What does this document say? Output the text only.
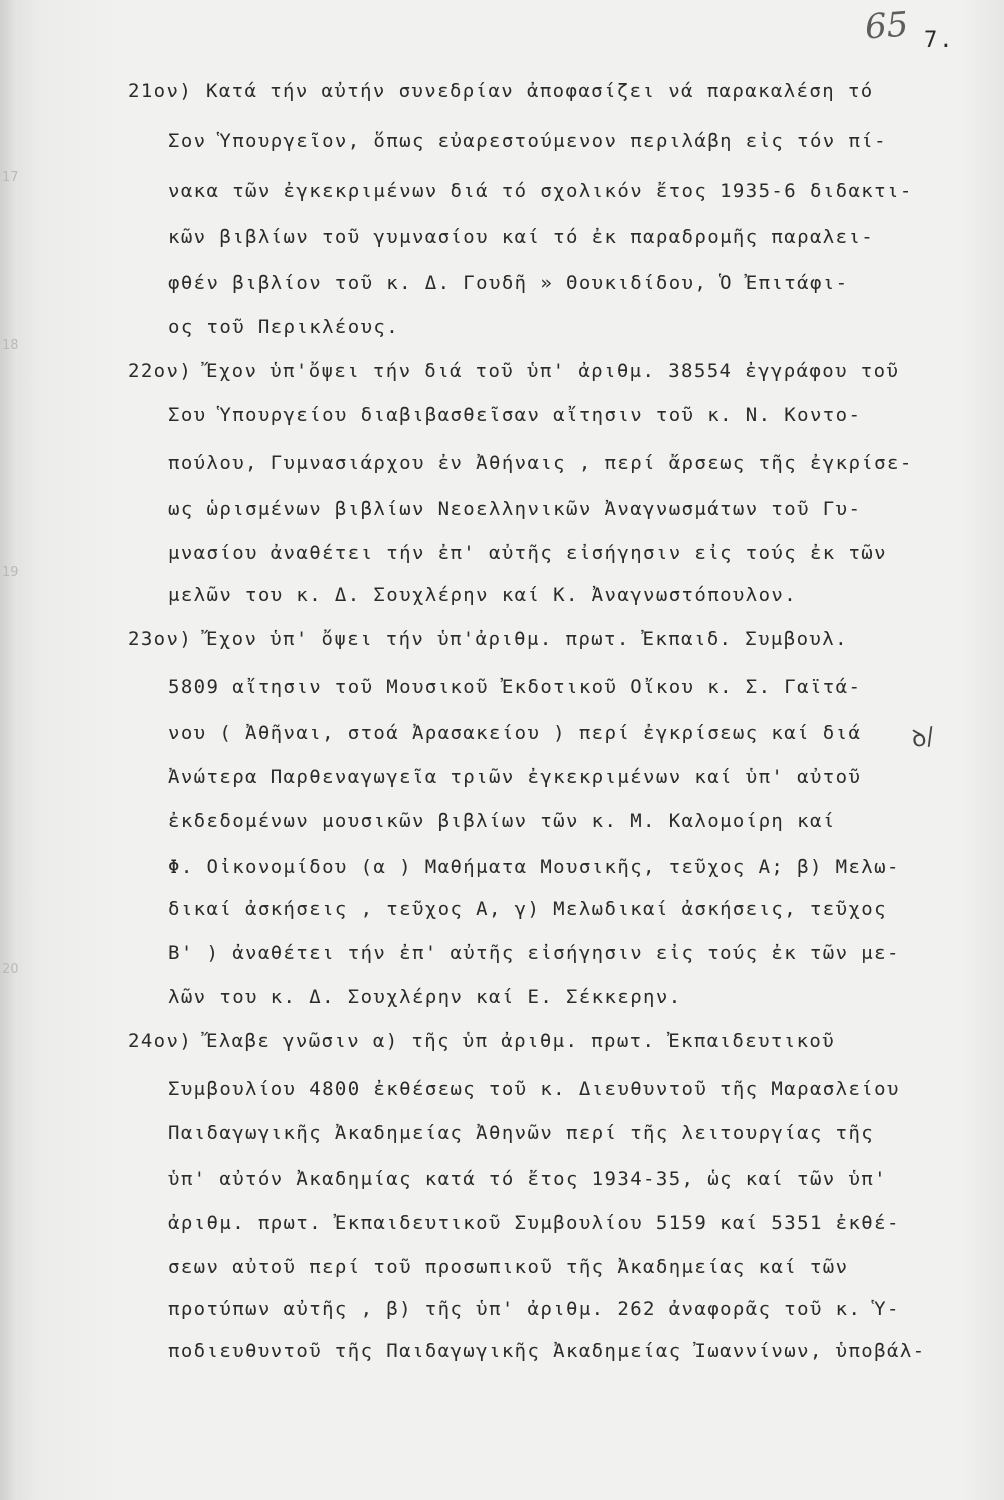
17
18
19
20
65 7.
21ον) Κατά τήν αὐτήν συνεδρίαν ἀποφασίζει νά παρακαλέση τό
Σον Ὑπουργεῖον, ὅπως εὐαρεστούμενον περιλάβη εἰς τόν πί-
νακα τῶν ἐγκεκριμένων διά τό σχολικόν ἔτος 1935-6 διδακτι-
κῶν βιβλίων τοῦ γυμνασίου καί τό ἐκ παραδρομῆς παραλει-
φθέν βιβλίον τοῦ κ. Δ. Γουδῆ » Θουκιδίδου, Ὁ Ἐπιτάφι-
ος τοῦ Περικλέους.
22ον) Ἔχον ὑπ'ὄψει τήν διά τοῦ ὑπ' ἀριθμ. 38554 ἐγγράφου τοῦ
Σου Ὑπουργείου διαβιβασθεῖσαν αἴτησιν τοῦ κ. Ν. Κοντο-
πούλου, Γυμνασιάρχου ἐν Ἀθήναις , περί ἄρσεως τῆς ἐγκρίσε-
ως ὡρισμένων βιβλίων Νεοελληνικῶν Ἀναγνωσμάτων τοῦ Γυ-
μνασίου ἀναθέτει τήν ἐπ' αὐτῆς εἰσήγησιν εἰς τούς ἐκ τῶν
μελῶν του κ. Δ. Σουχλέρην καί Κ. Ἀναγνωστόπουλον.
23ον) Ἔχον ὑπ' ὄψει τήν ὑπ'ἀριθμ. πρωτ. Ἐκπαιδ. Συμβουλ.
5809 αἴτησιν τοῦ Μουσικοῦ Ἐκδοτικοῦ Οἴκου κ. Σ. Γαϊτά-
νου ( Ἀθῆναι, στοά Ἀρασακείου ) περί ἐγκρίσεως καί διά
Ἀνώτερα Παρθεναγωγεῖα τριῶν ἐγκεκριμένων καί ὑπ' αὐτοῦ
ἐκδεδομένων μουσικῶν βιβλίων τῶν κ. Μ. Καλομοίρη καί
Φ. Οἰκονομίδου (α ) Μαθήματα Μουσικῆς, τεῦχος Α; β) Μελω-
δικαί ἀσκήσεις , τεῦχος Α, γ) Μελωδικαί ἀσκήσεις, τεῦχος
Β' ) ἀναθέτει τήν ἐπ' αὐτῆς εἰσήγησιν εἰς τούς ἐκ τῶν με-
λῶν του κ. Δ. Σουχλέρην καί Ε. Σέκκερην.
24ον) Ἔλαβε γνῶσιν α) τῆς ὑπ ἀριθμ. πρωτ. Ἐκπαιδευτικοῦ
Συμβουλίου 4800 ἐκθέσεως τοῦ κ. Διευθυντοῦ τῆς Μαρασλείου
Παιδαγωγικῆς Ἀκαδημείας Ἀθηνῶν περί τῆς λειτουργίας τῆς
ὑπ' αὐτόν Ἀκαδημίας κατά τό ἔτος 1934-35, ὡς καί τῶν ὑπ'
ἀριθμ. πρωτ. Ἐκπαιδευτικοῦ Συμβουλίου 5159 καί 5351 ἐκθέ-
σεων αὐτοῦ περί τοῦ προσωπικοῦ τῆς Ἀκαδημείας καί τῶν
προτύπων αὐτῆς , β) τῆς ὑπ' ἀριθμ. 262 ἀναφορᾶς τοῦ κ. Ὑ-
ποδιευθυντοῦ τῆς Παιδαγωγικῆς Ἀκαδημείας Ἰωαννίνων, ὑποβάλ-
ꝺ/
